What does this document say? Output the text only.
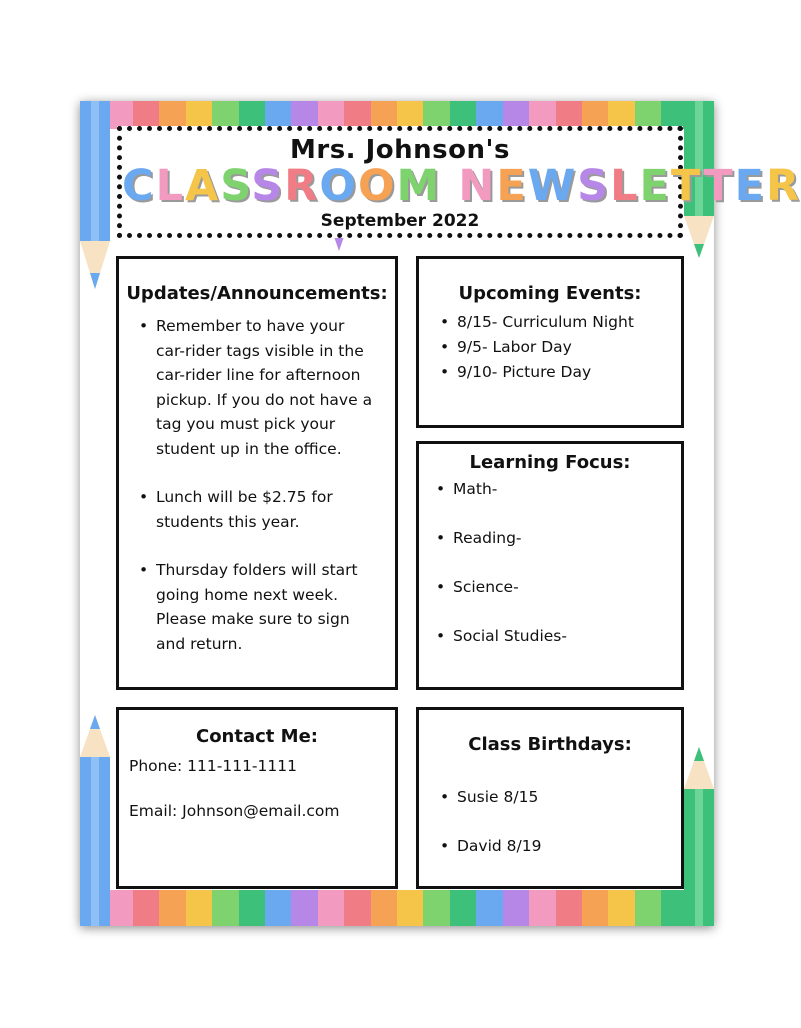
Mrs. Johnson's
CLASSROOM NEWSLETTER
September 2022
Updates/Announcements:
• Remember to have your car-rider tags visible in the car-rider line for afternoon pickup. If you do not have a tag you must pick your student up in the office.
• Lunch will be $2.75 for students this year.
• Thursday folders will start going home next week. Please make sure to sign and return.
Upcoming Events:
• 8/15- Curriculum Night
• 9/5- Labor Day
• 9/10- Picture Day
Learning Focus:
• Math-
• Reading-
• Science-
• Social Studies-
Contact Me:
Phone: 111-111-1111
Email: Johnson@email.com
Class Birthdays:
• Susie 8/15
• David 8/19
